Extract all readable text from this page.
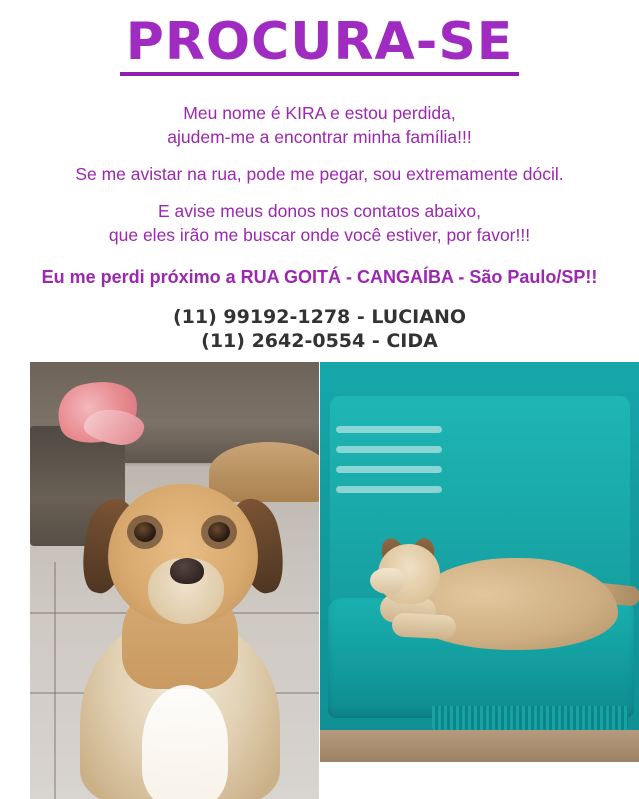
PROCURA-SE
Meu nome é KIRA e estou perdida,
ajudem-me a encontrar minha família!!!
Se me avistar na rua, pode me pegar, sou extremamente dócil.
E avise meus donos nos contatos abaixo,
que eles irão me buscar onde você estiver, por favor!!!
Eu me perdi próximo a RUA GOITÁ - CANGAÍBA - São Paulo/SP!!
(11) 99192-1278 - LUCIANO
(11) 2642-0554 - CIDA
